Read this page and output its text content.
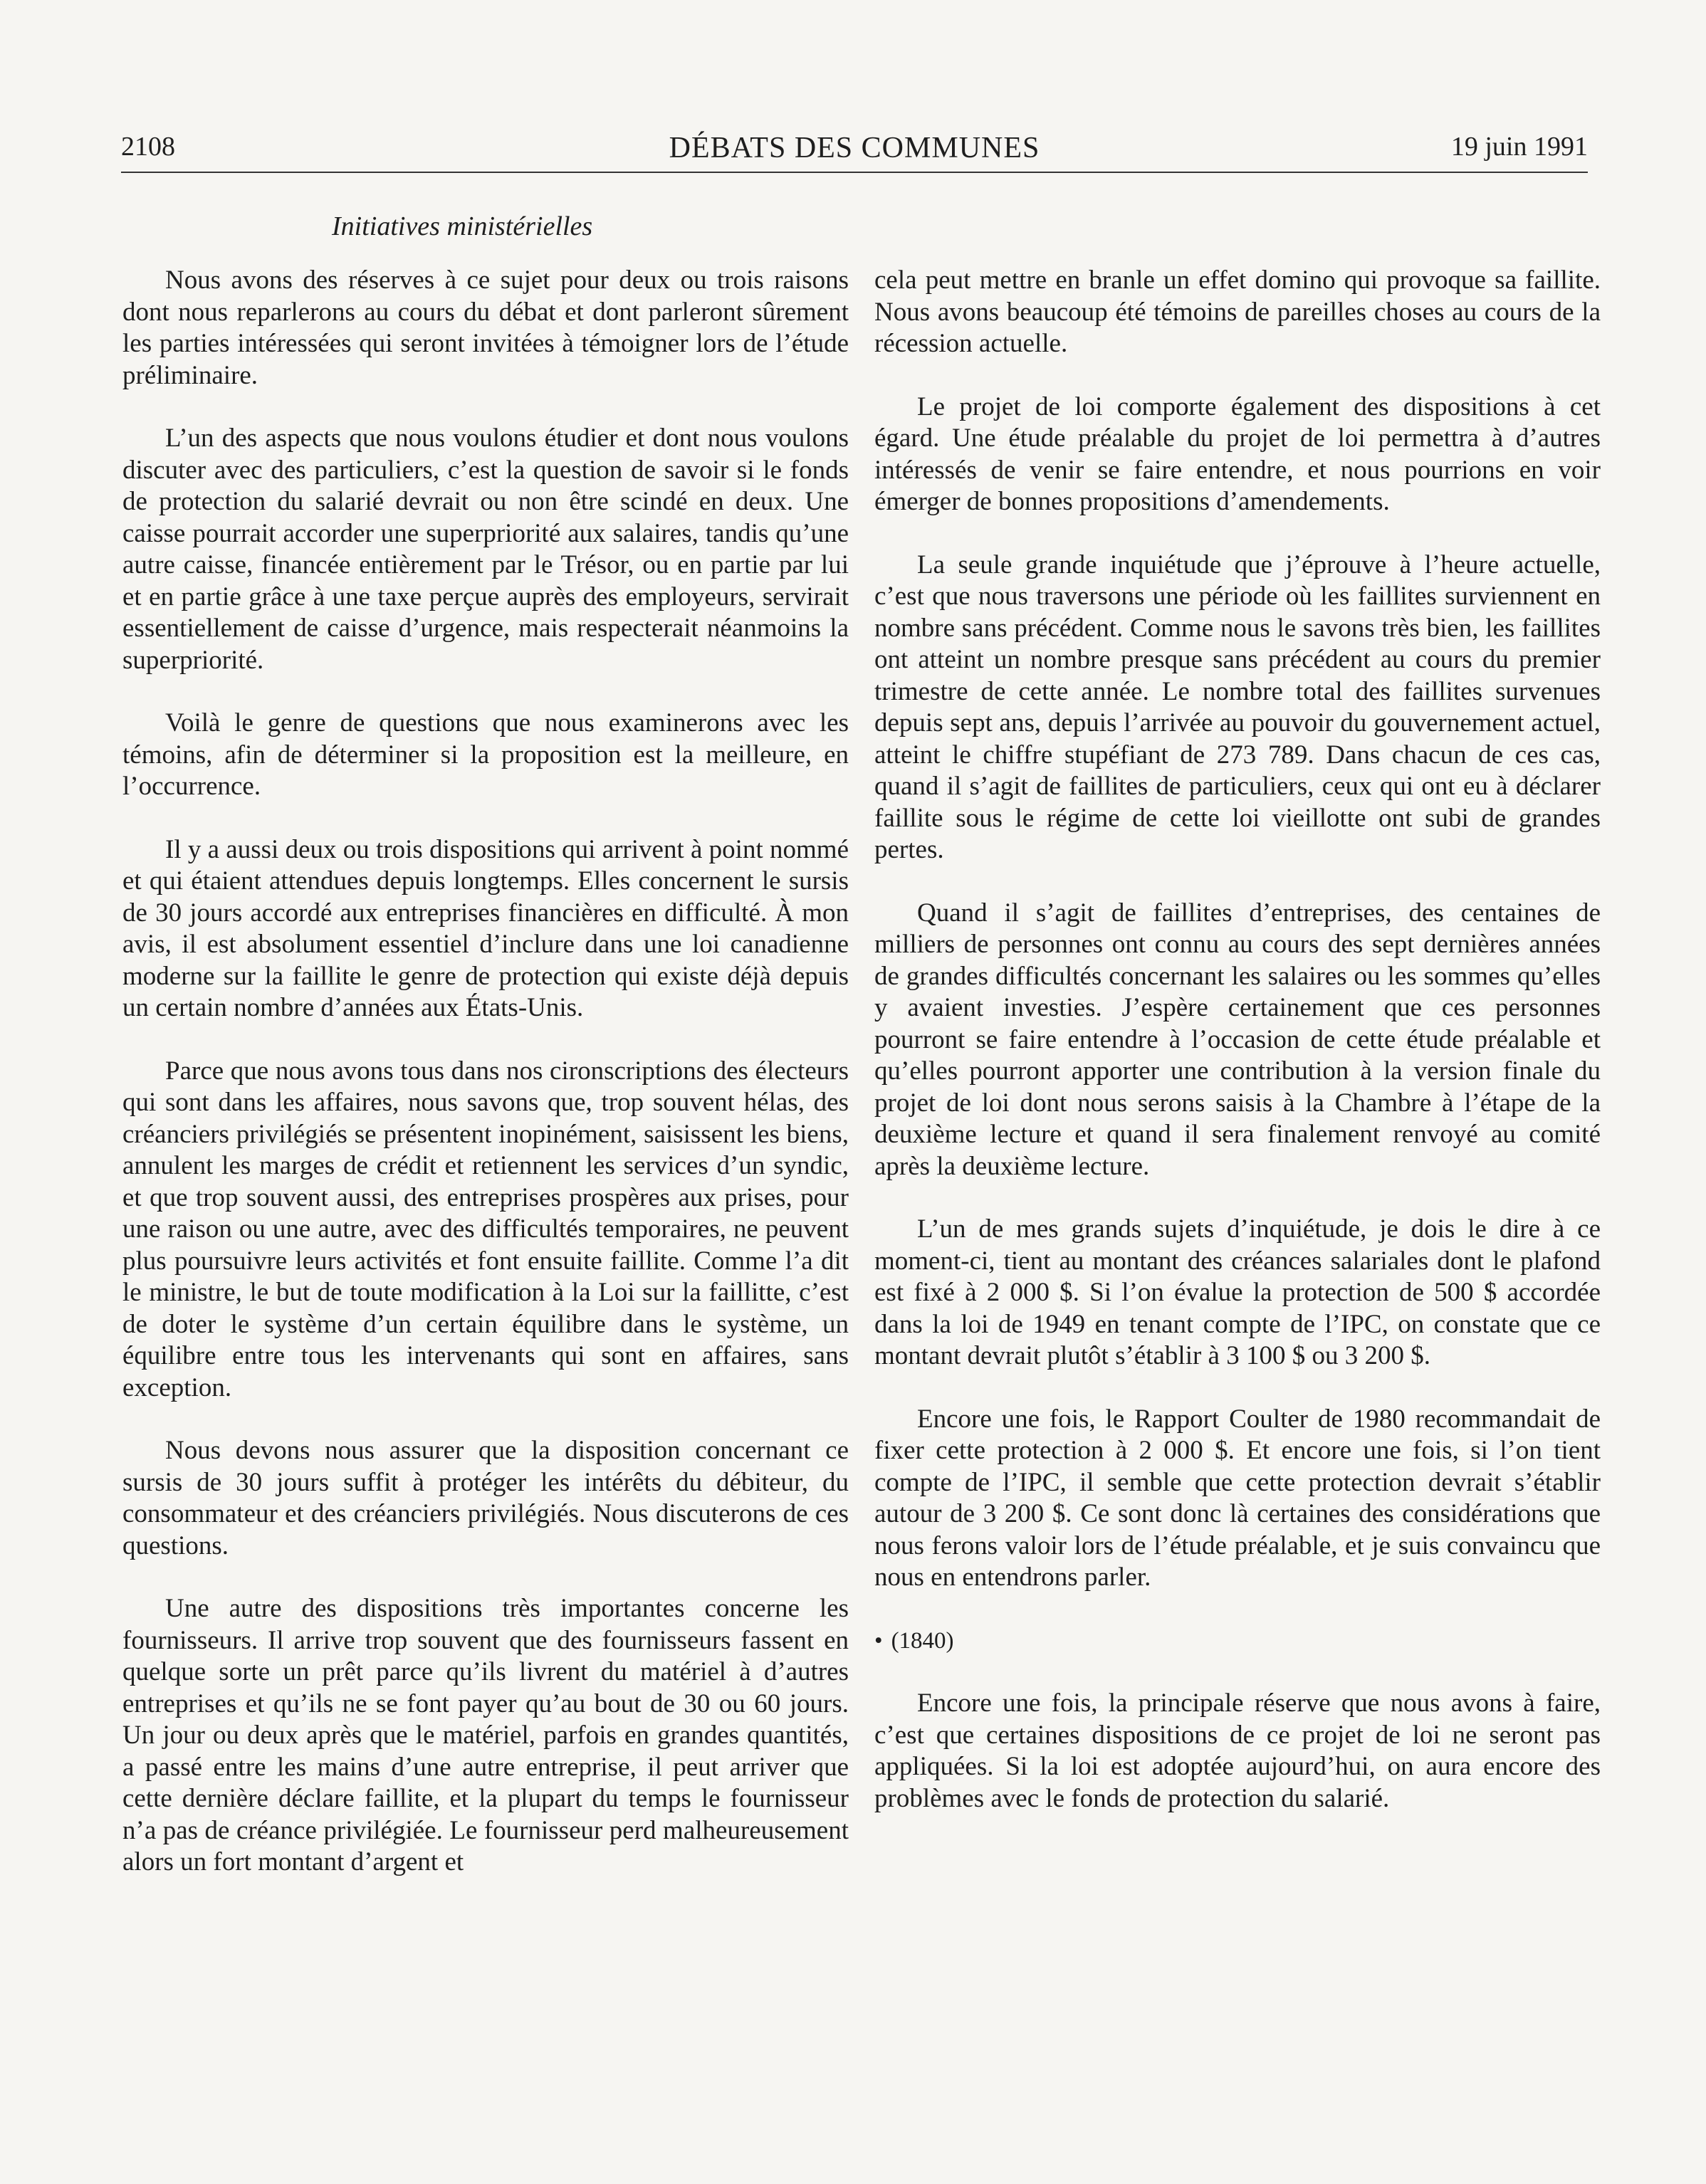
2108	DÉBATS DES COMMUNES	19 juin 1991
Initiatives ministérielles

Nous avons des réserves à ce sujet pour deux ou trois raisons dont nous reparlerons au cours du débat et dont parleront sûrement les parties intéressées qui seront invitées à témoigner lors de l’étude préliminaire.

L’un des aspects que nous voulons étudier et dont nous voulons discuter avec des particuliers, c’est la question de savoir si le fonds de protection du salarié devrait ou non être scindé en deux. Une caisse pourrait accorder une superpriorité aux salaires, tandis qu’une autre caisse, financée entièrement par le Trésor, ou en partie par lui et en partie grâce à une taxe perçue auprès des employeurs, servirait essentiellement de caisse d’urgence, mais respecterait néanmoins la superpriorité.

Voilà le genre de questions que nous examinerons avec les témoins, afin de déterminer si la proposition est la meilleure, en l’occurrence.

Il y a aussi deux ou trois dispositions qui arrivent à point nommé et qui étaient attendues depuis longtemps. Elles concernent le sursis de 30 jours accordé aux entreprises financières en difficulté. À mon avis, il est absolument essentiel d’inclure dans une loi canadienne moderne sur la faillite le genre de protection qui existe déjà depuis un certain nombre d’années aux États-Unis.

Parce que nous avons tous dans nos cironscriptions des électeurs qui sont dans les affaires, nous savons que, trop souvent hélas, des créanciers privilégiés se présentent inopinément, saisissent les biens, annulent les marges de crédit et retiennent les services d’un syndic, et que trop souvent aussi, des entreprises prospères aux prises, pour une raison ou une autre, avec des difficultés temporaires, ne peuvent plus poursuivre leurs activités et font ensuite faillite. Comme l’a dit le ministre, le but de toute modification à la Loi sur la faillitte, c’est de doter le système d’un certain équilibre dans le système, un équilibre entre tous les intervenants qui sont en affaires, sans exception.

Nous devons nous assurer que la disposition concernant ce sursis de 30 jours suffit à protéger les intérêts du débiteur, du consommateur et des créanciers privilégiés. Nous discuterons de ces questions.

Une autre des dispositions très importantes concerne les fournisseurs. Il arrive trop souvent que des fournisseurs fassent en quelque sorte un prêt parce qu’ils livrent du matériel à d’autres entreprises et qu’ils ne se font payer qu’au bout de 30 ou 60 jours. Un jour ou deux après que le matériel, parfois en grandes quantités, a passé entre les mains d’une autre entreprise, il peut arriver que cette dernière déclare faillite, et la plupart du temps le fournisseur n’a pas de créance privilégiée. Le fournisseur perd malheureusement alors un fort montant d’argent et

cela peut mettre en branle un effet domino qui provoque sa faillite. Nous avons beaucoup été témoins de pareilles choses au cours de la récession actuelle.

Le projet de loi comporte également des dispositions à cet égard. Une étude préalable du projet de loi permettra à d’autres intéressés de venir se faire entendre, et nous pourrions en voir émerger de bonnes propositions d’amendements.

La seule grande inquiétude que j’éprouve à l’heure actuelle, c’est que nous traversons une période où les faillites surviennent en nombre sans précédent. Comme nous le savons très bien, les faillites ont atteint un nombre presque sans précédent au cours du premier trimestre de cette année. Le nombre total des faillites survenues depuis sept ans, depuis l’arrivée au pouvoir du gouvernement actuel, atteint le chiffre stupéfiant de 273 789. Dans chacun de ces cas, quand il s’agit de faillites de particuliers, ceux qui ont eu à déclarer faillite sous le régime de cette loi vieillotte ont subi de grandes pertes.

Quand il s’agit de faillites d’entreprises, des centaines de milliers de personnes ont connu au cours des sept dernières années de grandes difficultés concernant les salaires ou les sommes qu’elles y avaient investies. J’espère certainement que ces personnes pourront se faire entendre à l’occasion de cette étude préalable et qu’elles pourront apporter une contribution à la version finale du projet de loi dont nous serons saisis à la Chambre à l’étape de la deuxième lecture et quand il sera finalement renvoyé au comité après la deuxième lecture.

L’un de mes grands sujets d’inquiétude, je dois le dire à ce moment-ci, tient au montant des créances salariales dont le plafond est fixé à 2 000 $. Si l’on évalue la protection de 500 $ accordée dans la loi de 1949 en tenant compte de l’IPC, on constate que ce montant devrait plutôt s’établir à 3 100 $ ou 3 200 $.

Encore une fois, le Rapport Coulter de 1980 recommandait de fixer cette protection à 2 000 $. Et encore une fois, si l’on tient compte de l’IPC, il semble que cette protection devrait s’établir autour de 3 200 $. Ce sont donc là certaines des considérations que nous ferons valoir lors de l’étude préalable, et je suis convaincu que nous en entendrons parler.

• (1840)

Encore une fois, la principale réserve que nous avons à faire, c’est que certaines dispositions de ce projet de loi ne seront pas appliquées. Si la loi est adoptée aujourd’hui, on aura encore des problèmes avec le fonds de protection du salarié.
